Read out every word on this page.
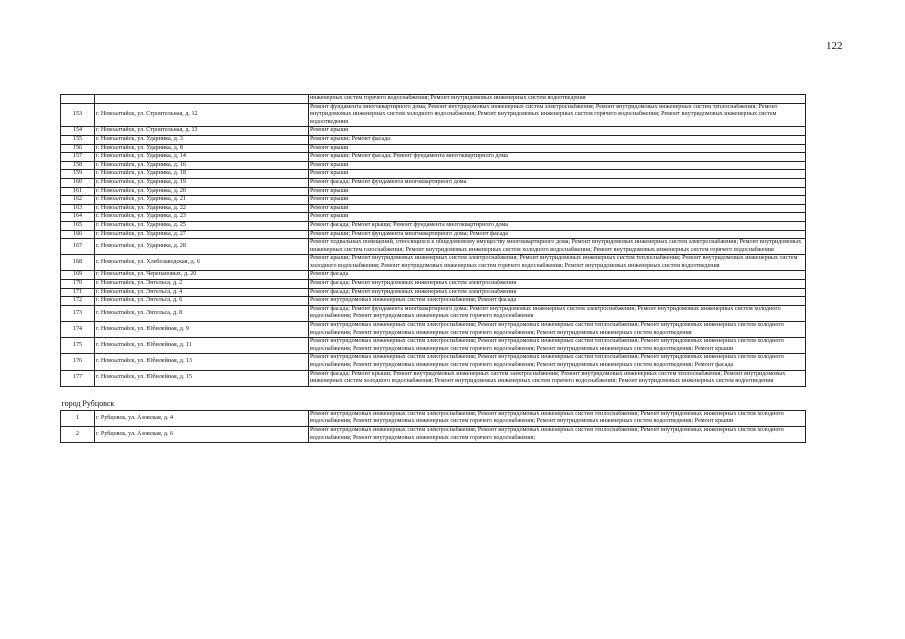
122
		инженерных систем горячего водоснабжения; Ремонт внутридомовых инженерных систем водоотведения
153	г. Новоалтайск, ул. Строительная, д. 12	Ремонт фундамента многоквартирного дома; Ремонт внутридомовых инженерных систем электроснабжения; Ремонт внутридомовых инженерных систем теплоснабжения; Ремонт внутридомовых инженерных систем холодного водоснабжения; Ремонт внутридомовых инженерных систем горячего водоснабжения; Ремонт внутридомовых инженерных систем водоотведения
154	г. Новоалтайск, ул. Строительная, д. 13	Ремонт крыши
155	г. Новоалтайск, ул. Ударника, д. 3	Ремонт крыши; Ремонт фасада
156	г. Новоалтайск, ул. Ударника, д. 8	Ремонт крыши
157	г. Новоалтайск, ул. Ударника, д. 14	Ремонт крыши; Ремонт фасада; Ремонт фундамента многоквартирного дома
158	г. Новоалтайск, ул. Ударника, д. 16	Ремонт крыши
159	г. Новоалтайск, ул. Ударника, д. 18	Ремонт крыши
160	г. Новоалтайск, ул. Ударника, д. 19	Ремонт фасада; Ремонт фундамента многоквартирного дома
161	г. Новоалтайск, ул. Ударника, д. 20	Ремонт крыши
162	г. Новоалтайск, ул. Ударника, д. 21	Ремонт крыши
163	г. Новоалтайск, ул. Ударника, д. 22	Ремонт крыши
164	г. Новоалтайск, ул. Ударника, д. 23	Ремонт крыши
165	г. Новоалтайск, ул. Ударника, д. 25	Ремонт фасада; Ремонт крыши; Ремонт фундамента многоквартирного дома
166	г. Новоалтайск, ул. Ударника, д. 27	Ремонт крыши; Ремонт фундамента многоквартирного дома; Ремонт фасада
167	г. Новоалтайск, ул. Ударника, д. 28	Ремонт подвальных помещений, относящихся к общедомовому имуществу многоквартирного дома; Ремонт внутридомовых инженерных систем электроснабжения; Ремонт внутридомовых инженерных систем газоснабжения; Ремонт внутридомовых инженерных систем холодного водоснабжения; Ремонт внутридомовых инженерных систем горячего водоснабжения
168	г. Новоалтайск, ул. Хлебозаводская, д. 6	Ремонт крыши; Ремонт внутридомовых инженерных систем электроснабжения; Ремонт внутридомовых инженерных систем теплоснабжения; Ремонт внутридомовых инженерных систем холодного водоснабжения; Ремонт внутридомовых инженерных систем горячего водоснабжения; Ремонт внутридомовых инженерных систем водоотведения
169	г. Новоалтайск, ул. Черепановых, д. 20	Ремонт фасада
170	г. Новоалтайск, ул. Энгельса, д. 2	Ремонт фасада; Ремонт внутридомовых инженерных систем электроснабжения
171	г. Новоалтайск, ул. Энгельса, д. 4	Ремонт фасада; Ремонт внутридомовых инженерных систем электроснабжения
172	г. Новоалтайск, ул. Энгельса, д. 6	Ремонт внутридомовых инженерных систем электроснабжения; Ремонт фасада
173	г. Новоалтайск, ул. Энгельса, д. 8	Ремонт фасада; Ремонт фундамента многоквартирного дома; Ремонт внутридомовых инженерных систем электроснабжения; Ремонт внутридомовых инженерных систем холодного водоснабжения; Ремонт внутридомовых инженерных систем горячего водоснабжения
174	г. Новоалтайск, ул. Юбилейная, д. 9	Ремонт внутридомовых инженерных систем электроснабжения; Ремонт внутридомовых инженерных систем теплоснабжения; Ремонт внутридомовых инженерных систем холодного водоснабжения; Ремонт внутридомовых инженерных систем горячего водоснабжения; Ремонт внутридомовых инженерных систем водоотведения
175	г. Новоалтайск, ул. Юбилейная, д. 11	Ремонт внутридомовых инженерных систем электроснабжения; Ремонт внутридомовых инженерных систем теплоснабжения; Ремонт внутридомовых инженерных систем холодного водоснабжения; Ремонт внутридомовых инженерных систем горячего водоснабжения; Ремонт внутридомовых инженерных систем водоотведения; Ремонт крыши
176	г. Новоалтайск, ул. Юбилейная, д. 13	Ремонт внутридомовых инженерных систем электроснабжения; Ремонт внутридомовых инженерных систем теплоснабжения; Ремонт внутридомовых инженерных систем холодного водоснабжения; Ремонт внутридомовых инженерных систем горячего водоснабжения; Ремонт внутридомовых инженерных систем водоотведения; Ремонт фасада
177	г. Новоалтайск, ул. Юбилейная, д. 15	Ремонт фасада; Ремонт крыши; Ремонт внутридомовых инженерных систем электроснабжения; Ремонт внутридомовых инженерных систем теплоснабжения; Ремонт внутридомовых инженерных систем холодного водоснабжения; Ремонт внутридомовых инженерных систем горячего водоснабжения; Ремонт внутридомовых инженерных систем водоотведения
город Рубцовск		
1	г. Рубцовск, ул. Азовская, д. 4	Ремонт внутридомовых инженерных систем электроснабжения; Ремонт внутридомовых инженерных систем теплоснабжения; Ремонт внутридомовых инженерных систем холодного водоснабжения; Ремонт внутридомовых инженерных систем горячего водоснабжения; Ремонт внутридомовых инженерных систем водоотведения; Ремонт крыши
2	г. Рубцовск, ул. Азовская, д. 6	Ремонт внутридомовых инженерных систем электроснабжения; Ремонт внутридомовых инженерных систем теплоснабжения; Ремонт внутридомовых инженерных систем холодного водоснабжения; Ремонт внутридомовых инженерных систем горячего водоснабжения;
